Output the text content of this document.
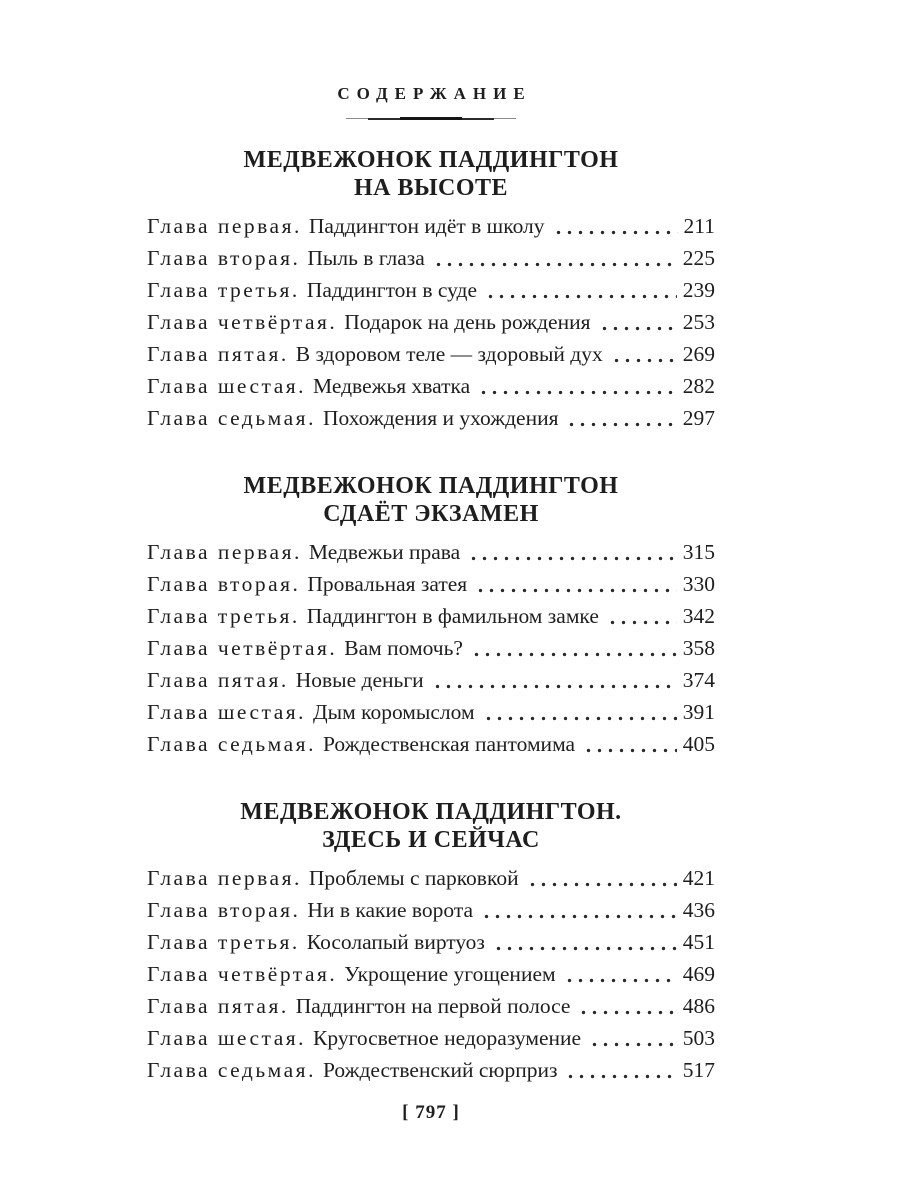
СОДЕРЖАНИЕ
МЕДВЕЖОНОК ПАДДИНГТОН
НА ВЫСОТЕ
Глава первая. Паддингтон идёт в школу	211
Глава вторая. Пыль в глаза	225
Глава третья. Паддингтон в суде	239
Глава четвёртая. Подарок на день рождения	253
Глава пятая. В здоровом теле — здоровый дух	269
Глава шестая. Медвежья хватка	282
Глава седьмая. Похождения и ухождения	297
МЕДВЕЖОНОК ПАДДИНГТОН
СДАЁТ ЭКЗАМЕН
Глава первая. Медвежьи права	315
Глава вторая. Провальная затея	330
Глава третья. Паддингтон в фамильном замке	342
Глава четвёртая. Вам помочь?	358
Глава пятая. Новые деньги	374
Глава шестая. Дым коромыслом	391
Глава седьмая. Рождественская пантомима	405
МЕДВЕЖОНОК ПАДДИНГТОН.
ЗДЕСЬ И СЕЙЧАС
Глава первая. Проблемы с парковкой	421
Глава вторая. Ни в какие ворота	436
Глава третья. Косолапый виртуоз	451
Глава четвёртая. Укрощение угощением	469
Глава пятая. Паддингтон на первой полосе	486
Глава шестая. Кругосветное недоразумение	503
Глава седьмая. Рождественский сюрприз	517
[ 797 ]
